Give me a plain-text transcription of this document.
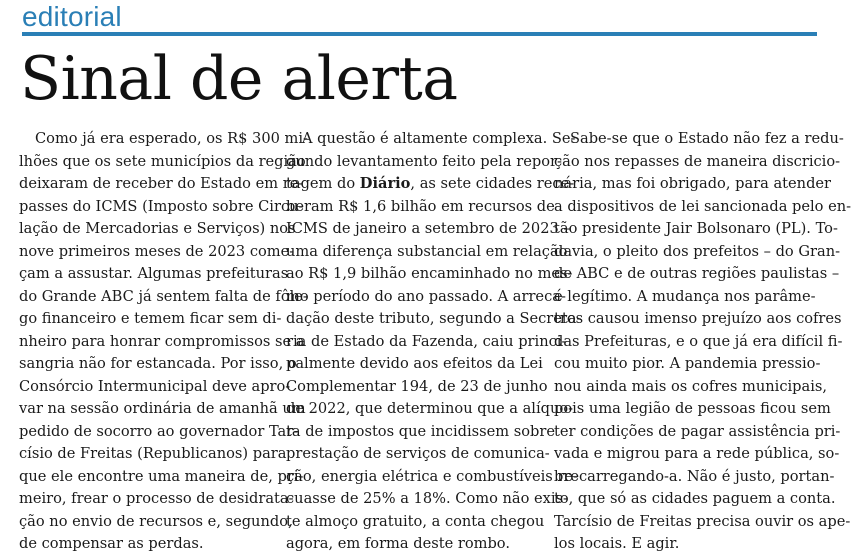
editorial
Sinal de alerta
Como já era esperado, os R$ 300 mi-
lhões que os sete municípios da região
deixaram de receber do Estado em re-
passes do ICMS (Imposto sobre Circu-
lação de Mercadorias e Serviços) nos
nove primeiros meses de 2023 come-
çam a assustar. Algumas prefeituras
do Grande ABC já sentem falta de fôle-
go financeiro e temem ficar sem di-
nheiro para honrar compromissos se a
sangria não for estancada. Por isso, o
Consórcio Intermunicipal deve apro-
var na sessão ordinária de amanhã um
pedido de socorro ao governador Tar-
císio de Freitas (Republicanos) para
que ele encontre uma maneira de, pri-
meiro, frear o processo de desidrata-
ção no envio de recursos e, segundo,
de compensar as perdas.
A questão é altamente complexa. Se-
gundo levantamento feito pela repor-
tagem do Diário, as sete cidades rece-
beram R$ 1,6 bilhão em recursos de
ICMS de janeiro a setembro de 2023 –
uma diferença substancial em relação
ao R$ 1,9 bilhão encaminhado no mes-
mo período do ano passado. A arreca-
dação deste tributo, segundo a Secreta-
ria de Estado da Fazenda, caiu princi-
palmente devido aos efeitos da Lei
Complementar 194, de 23 de junho
de 2022, que determinou que a alíquo-
ta de impostos que incidissem sobre
prestação de serviços de comunica-
ção, energia elétrica e combustíveis re-
cuasse de 25% a 18%. Como não exis-
te almoço gratuito, a conta chegou
agora, em forma deste rombo.
Sabe-se que o Estado não fez a redu-
ção nos repasses de maneira discricio-
nária, mas foi obrigado, para atender
a dispositivos de lei sancionada pelo en-
tão presidente Jair Bolsonaro (PL). To-
davia, o pleito dos prefeitos – do Gran-
de ABC e de outras regiões paulistas –
é legítimo. A mudança nos parâme-
tros causou imenso prejuízo aos cofres
das Prefeituras, e o que já era difícil fi-
cou muito pior. A pandemia pressio-
nou ainda mais os cofres municipais,
pois uma legião de pessoas ficou sem
ter condições de pagar assistência pri-
vada e migrou para a rede pública, so-
brecarregando-a. Não é justo, portan-
to, que só as cidades paguem a conta.
Tarcísio de Freitas precisa ouvir os ape-
los locais. E agir.
